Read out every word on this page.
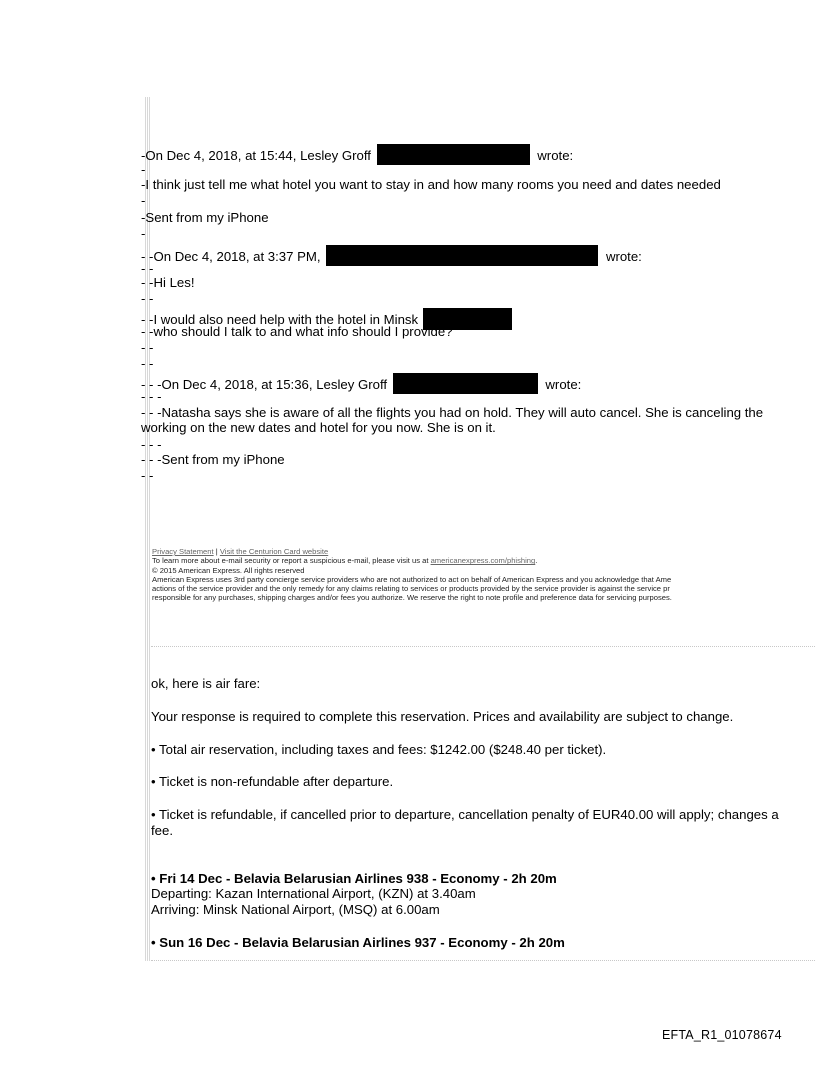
-On Dec 4, 2018, at 15:44, Lesley Groff	wrote:
-
-I think just tell me what hotel you want to stay in and how many rooms you need and dates needed
-
-Sent from my iPhone
-
- -On Dec 4, 2018, at 3:37 PM,	wrote:
- -
- -Hi Les!
- -
- -I would also need help with the hotel in Minsk
- -who should I talk to and what info should I provide?
- -
- -
- - -On Dec 4, 2018, at 15:36, Lesley Groff	wrote:
- - -
- - -Natasha says she is aware of all the flights you had on hold. They will auto cancel. She is canceling the
working on the new dates and hotel for you now. She is on it.
- - -
- - -Sent from my iPhone
- -
Privacy Statement | Visit the Centurion Card website
To learn more about e-mail security or report a suspicious e-mail, please visit us at americanexpress.com/phishing.
© 2015 American Express. All rights reserved
American Express uses 3rd party concierge service providers who are not authorized to act on behalf of American Express and you acknowledge that Ame
actions of the service provider and the only remedy for any claims relating to services or products provided by the service provider is against the service pr
responsible for any purchases, shipping charges and/or fees you authorize. We reserve the right to note profile and preference data for servicing purposes.
ok, here is air fare:
Your response is required to complete this reservation. Prices and availability are subject to change.
• Total air reservation, including taxes and fees: $1242.00 ($248.40 per ticket).
• Ticket is non-refundable after departure.
• Ticket is refundable, if cancelled prior to departure, cancellation penalty of EUR40.00 will apply; changes a
fee.
• Fri 14 Dec - Belavia Belarusian Airlines 938 - Economy - 2h 20m
Departing: Kazan International Airport, (KZN) at 3.40am
Arriving: Minsk National Airport, (MSQ) at 6.00am
• Sun 16 Dec - Belavia Belarusian Airlines 937 - Economy - 2h 20m
EFTA_R1_01078674
